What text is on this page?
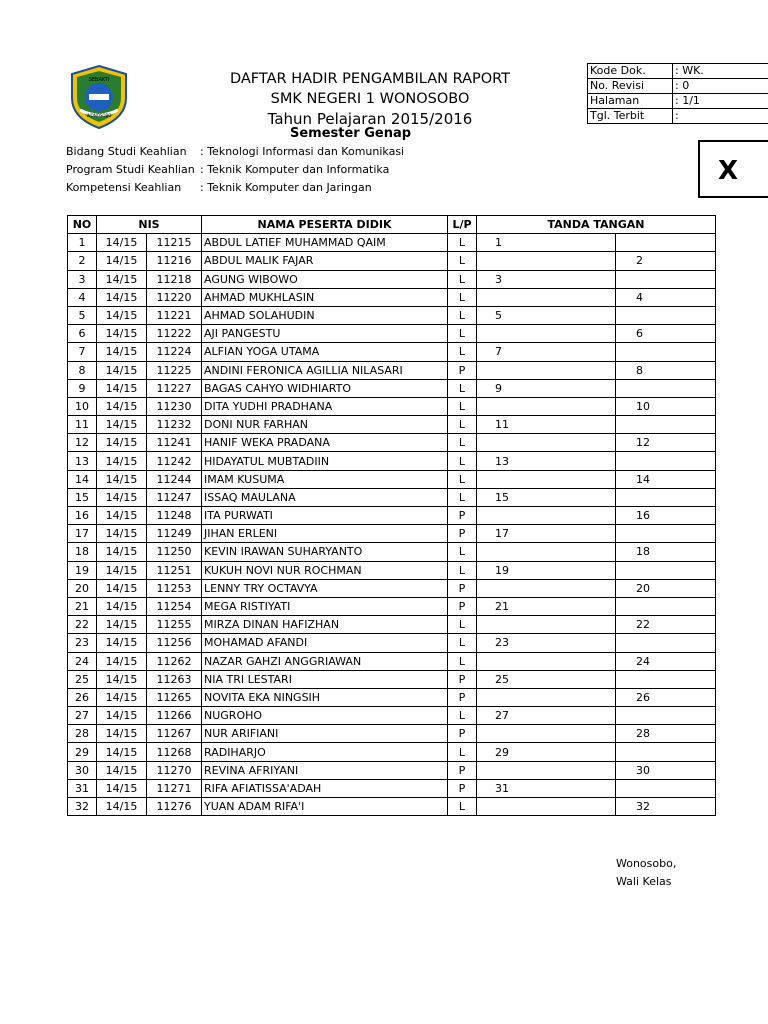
SEBAKTI
WONOSOBO
DAFTAR HADIR PENGAMBILAN RAPORT
SMK NEGERI 1 WONOSOBO
Tahun Pelajaran 2015/2016
Semester Genap
Bidang Studi Keahlian : Teknologi Informasi dan Komunikasi
Program Studi Keahlian : Teknik Komputer dan Informatika
Kompetensi Keahlian : Teknik Komputer dan Jaringan
Kode Dok.	: WK.
No. Revisi	: 0
Halaman	: 1/1
Tgl. Terbit	:
X
NO	NIS		NAMA PESERTA DIDIK	L/P	TANDA TANGAN	
1	14/15	11215	ABDUL LATIEF MUHAMMAD QAIM	L	1	
2	14/15	11216	ABDUL MALIK FAJAR	L		2
3	14/15	11218	AGUNG WIBOWO	L	3	
4	14/15	11220	AHMAD MUKHLASIN	L		4
5	14/15	11221	AHMAD SOLAHUDIN	L	5	
6	14/15	11222	AJI PANGESTU	L		6
7	14/15	11224	ALFIAN YOGA UTAMA	L	7	
8	14/15	11225	ANDINI FERONICA AGILLIA NILASARI	P		8
9	14/15	11227	BAGAS CAHYO WIDHIARTO	L	9	
10	14/15	11230	DITA YUDHI PRADHANA	L		10
11	14/15	11232	DONI NUR FARHAN	L	11	
12	14/15	11241	HANIF WEKA PRADANA	L		12
13	14/15	11242	HIDAYATUL MUBTADIIN	L	13	
14	14/15	11244	IMAM KUSUMA	L		14
15	14/15	11247	ISSAQ MAULANA	L	15	
16	14/15	11248	ITA PURWATI	P		16
17	14/15	11249	JIHAN ERLENI	P	17	
18	14/15	11250	KEVIN IRAWAN SUHARYANTO	L		18
19	14/15	11251	KUKUH NOVI NUR ROCHMAN	L	19	
20	14/15	11253	LENNY TRY OCTAVYA	P		20
21	14/15	11254	MEGA RISTIYATI	P	21	
22	14/15	11255	MIRZA DINAN HAFIZHAN	L		22
23	14/15	11256	MOHAMAD AFANDI	L	23	
24	14/15	11262	NAZAR GAHZI ANGGRIAWAN	L		24
25	14/15	11263	NIA TRI LESTARI	P	25	
26	14/15	11265	NOVITA EKA NINGSIH	P		26
27	14/15	11266	NUGROHO	L	27	
28	14/15	11267	NUR ARIFIANI	P		28
29	14/15	11268	RADIHARJO	L	29	
30	14/15	11270	REVINA AFRIYANI	P		30
31	14/15	11271	RIFA AFIATISSA'ADAH	P	31	
32	14/15	11276	YUAN ADAM RIFA'I	L		32
Wonosobo,
Wali Kelas
